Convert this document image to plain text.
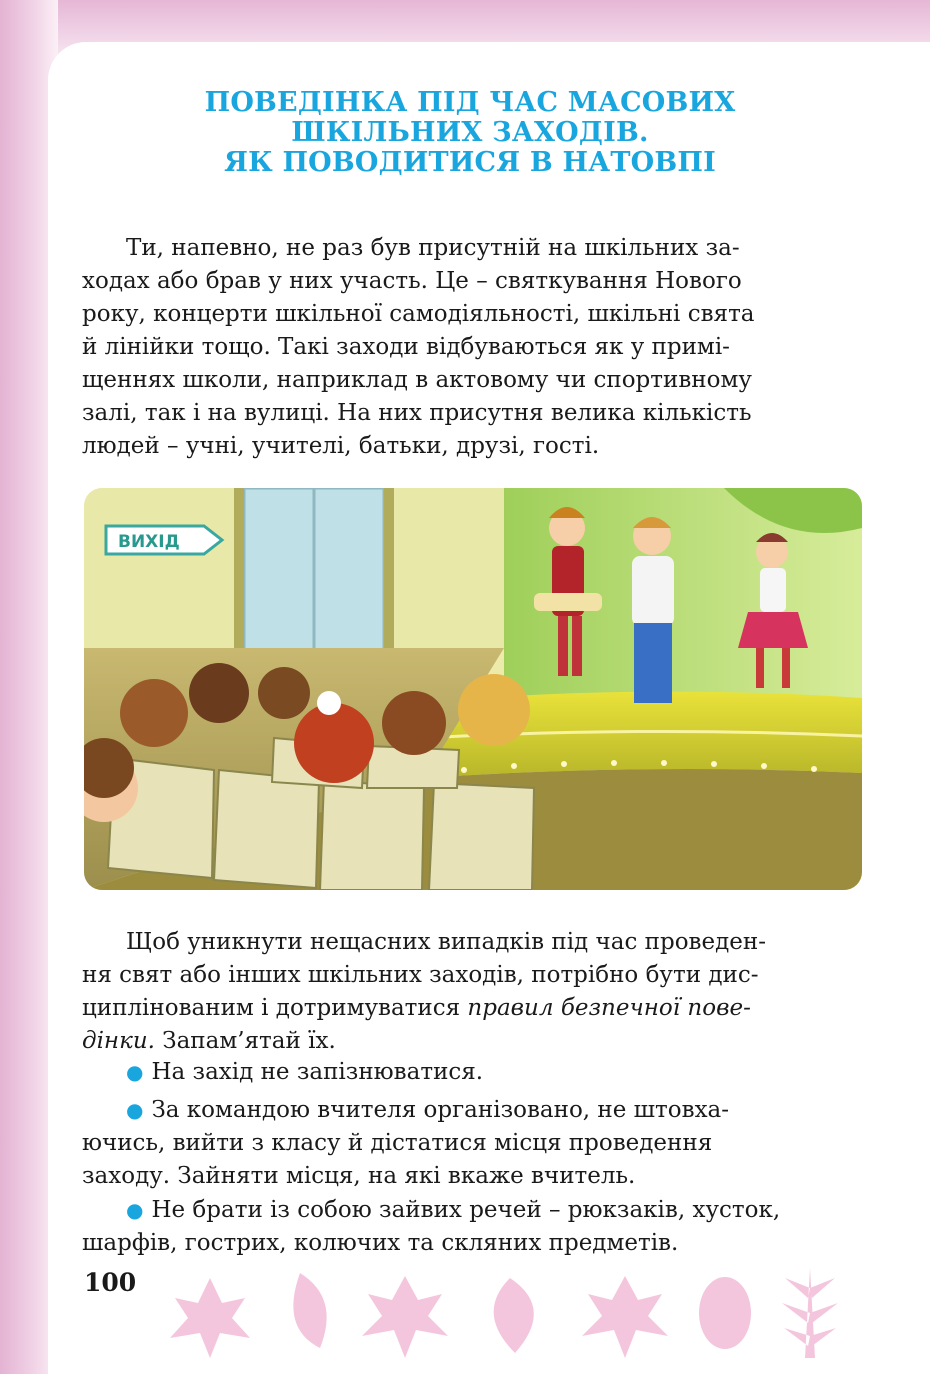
ПОВЕДІНКА ПІД ЧАС МАСОВИХ
ШКІЛЬНИХ ЗАХОДІВ.
ЯК ПОВОДИТИСЯ В НАТОВПІ
Ти, напевно, не раз був присутній на шкільних за-
ходах або брав у них участь. Це – святкування Нового
року, концерти шкільної самодіяльності, шкільні свята
й лінійки тощо. Такі заходи відбуваються як у примі-
щеннях школи, наприклад в актовому чи спортивному
залі, так і на вулиці. На них присутня велика кількість
людей – учні, учителі, батьки, друзі, гості.
ВИХІД
Щоб уникнути нещасних випадків під час проведен-
ня свят або інших шкільних заходів, потрібно бути дис-
циплінованим і дотримуватися правил безпечної пове-
дінки. Запам’ятай їх.
● На захід не запізнюватися.
● За командою вчителя організовано, не штовха-
ючись, вийти з класу й дістатися місця проведення
заходу. Зайняти місця, на які вкаже вчитель.
● Не брати із собою зайвих речей – рюкзаків, хусток,
шарфів, гострих, колючих та скляних предметів.
100
